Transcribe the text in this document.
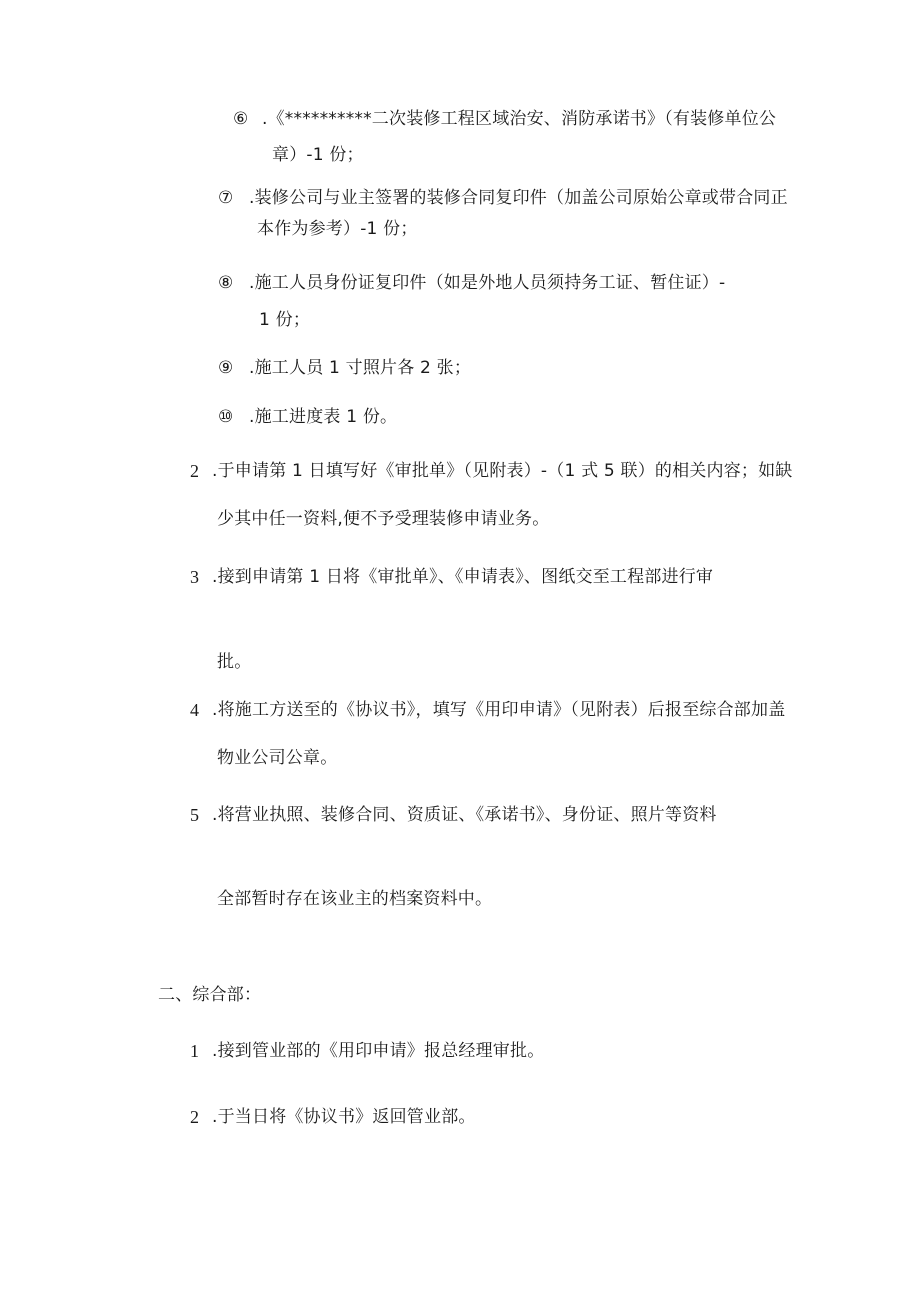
⑥ .《**********二次装修工程区域治安、消防承诺书》（有装修单位公
章）-1 份；
⑦ .装修公司与业主签署的装修合同复印件（加盖公司原始公章或带合同正
本作为参考）-1 份；
⑧ .施工人员身份证复印件（如是外地人员须持务工证、暂住证）-
1 份；
⑨ .施工人员 1 寸照片各 2 张；
⑩ .施工进度表 1 份。
2 .于申请第 1 日填写好《审批单》（见附表）-（1 式 5 联）的相关内容；如缺
少其中任一资料,便不予受理装修申请业务。
3 .接到申请第 1 日将《审批单》、《申请表》、图纸交至工程部进行审
批。
4 .将施工方送至的《协议书》，填写《用印申请》（见附表）后报至综合部加盖
物业公司公章。
5 .将营业执照、装修合同、资质证、《承诺书》、身份证、照片等资料
全部暂时存在该业主的档案资料中。
二、综合部：
1 .接到管业部的《用印申请》报总经理审批。
2 .于当日将《协议书》返回管业部。
